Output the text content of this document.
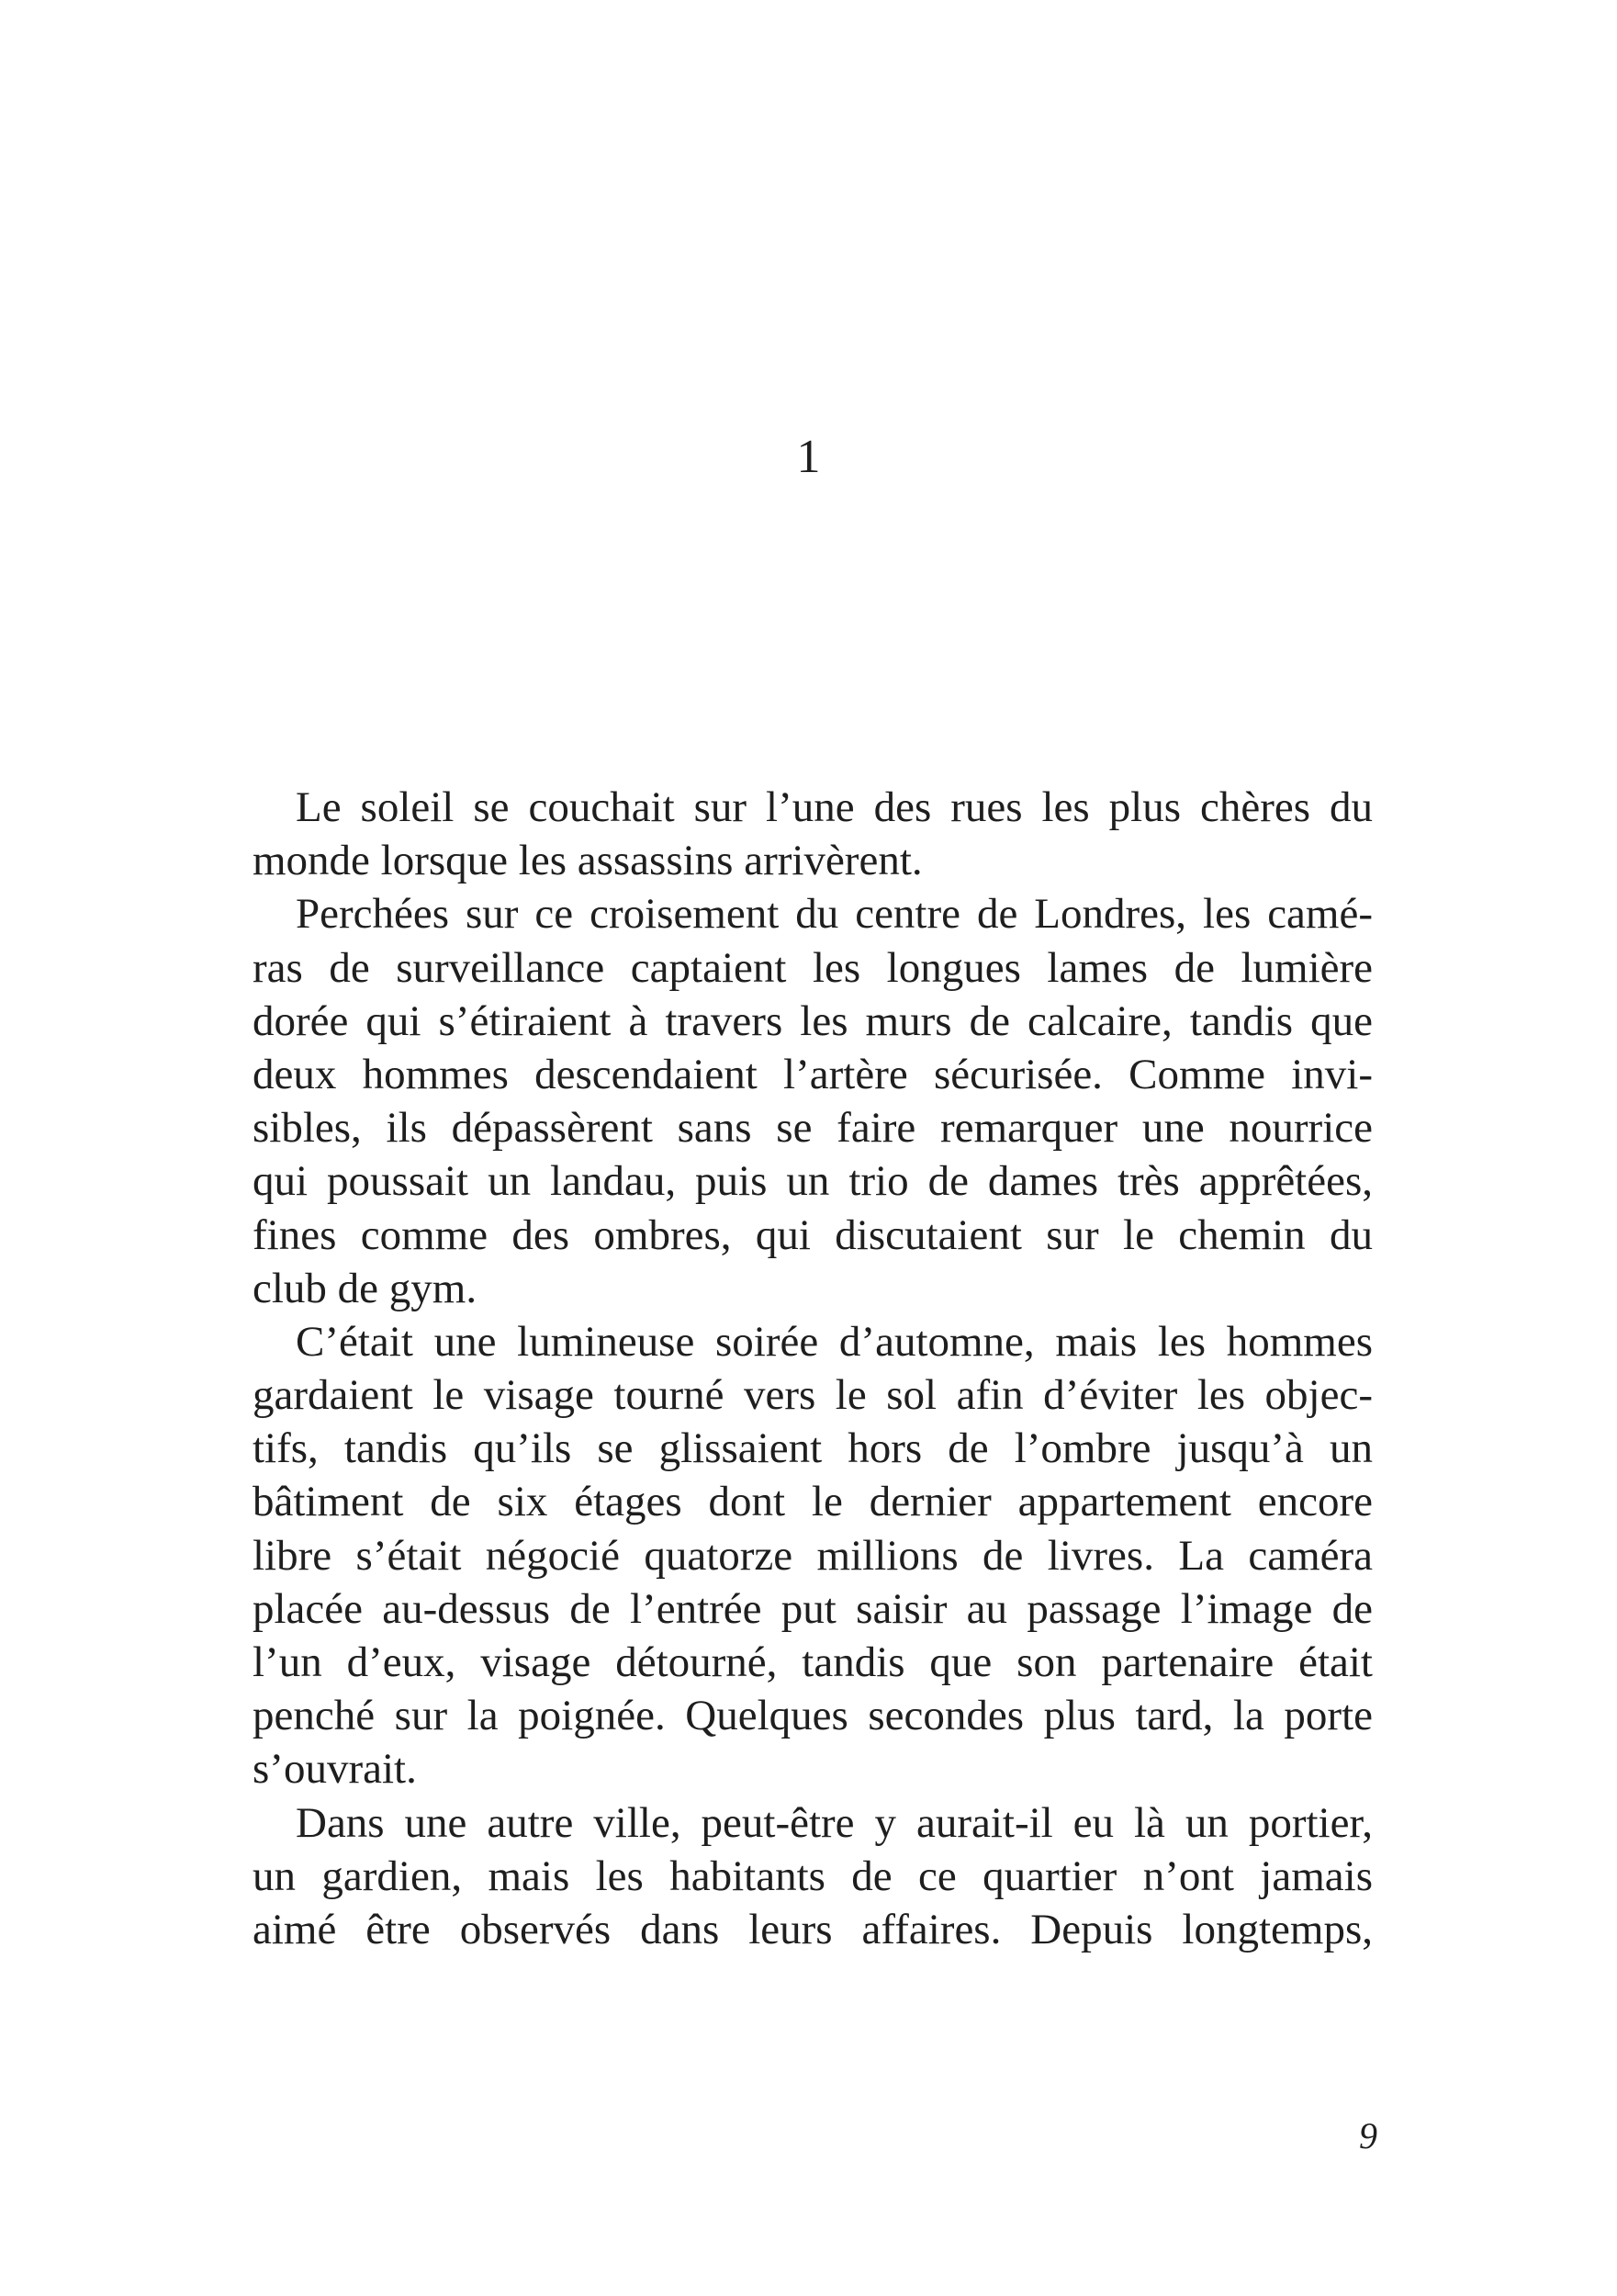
1
Le soleil se couchait sur l’une des rues les plus chères du
monde lorsque les assassins arrivèrent.
Perchées sur ce croisement du centre de Londres, les camé-
ras de surveillance captaient les longues lames de lumière
dorée qui s’étiraient à travers les murs de calcaire, tandis que
deux hommes descendaient l’artère sécurisée. Comme invi-
sibles, ils dépassèrent sans se faire remarquer une nourrice
qui poussait un landau, puis un trio de dames très apprêtées,
fines comme des ombres, qui discutaient sur le chemin du
club de gym.
C’était une lumineuse soirée d’automne, mais les hommes
gardaient le visage tourné vers le sol afin d’éviter les objec-
tifs, tandis qu’ils se glissaient hors de l’ombre jusqu’à un
bâtiment de six étages dont le dernier appartement encore
libre s’était négocié quatorze millions de livres. La caméra
placée au-dessus de l’entrée put saisir au passage l’image de
l’un d’eux, visage détourné, tandis que son partenaire était
penché sur la poignée. Quelques secondes plus tard, la porte
s’ouvrait.
Dans une autre ville, peut-être y aurait-il eu là un portier,
un gardien, mais les habitants de ce quartier n’ont jamais
aimé être observés dans leurs affaires. Depuis longtemps,
9
